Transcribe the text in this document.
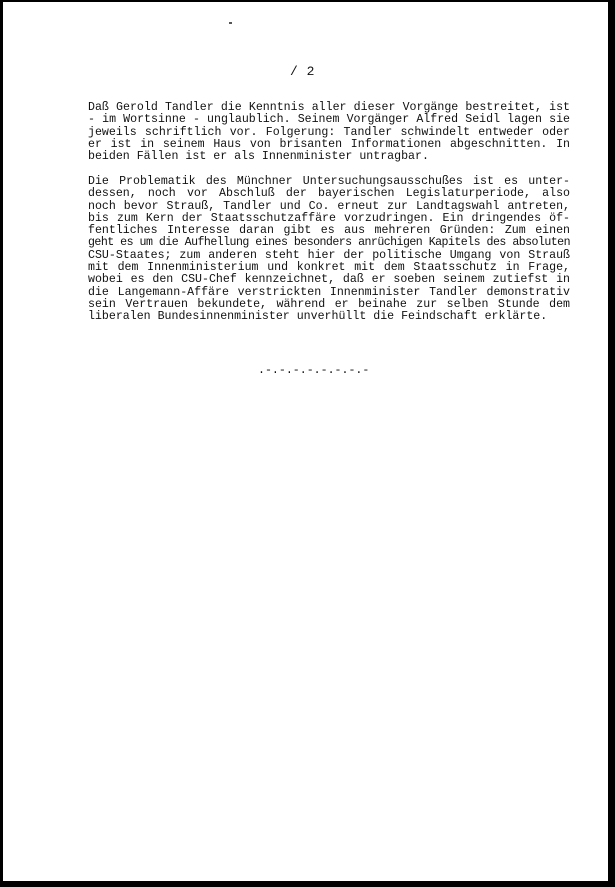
/ 2
Daß Gerold Tandler die Kenntnis aller dieser Vorgänge bestreitet, ist
- im Wortsinne - unglaublich. Seinem Vorgänger Alfred Seidl lagen sie
jeweils schriftlich vor. Folgerung: Tandler schwindelt entweder oder
er ist in seinem Haus von brisanten Informationen abgeschnitten. In
beiden Fällen ist er als Innenminister untragbar.
Die Problematik des Münchner Untersuchungsausschußes ist es unter-
dessen, noch vor Abschluß der bayerischen Legislaturperiode, also
noch bevor Strauß, Tandler und Co. erneut zur Landtagswahl antreten,
bis zum Kern der Staatsschutzaffäre vorzudringen. Ein dringendes öf-
fentliches Interesse daran gibt es aus mehreren Gründen: Zum einen
geht es um die Aufhellung eines besonders anrüchigen Kapitels des absoluten
CSU-Staates; zum anderen steht hier der politische Umgang von Strauß
mit dem Innenministerium und konkret mit dem Staatsschutz in Frage,
wobei es den CSU-Chef kennzeichnet, daß er soeben seinem zutiefst in
die Langemann-Affäre verstrickten Innenminister Tandler demonstrativ
sein Vertrauen bekundete, während er beinahe zur selben Stunde dem
liberalen Bundesinnenminister unverhüllt die Feindschaft erklärte.
.-.-.-.-.-.-.-.-
